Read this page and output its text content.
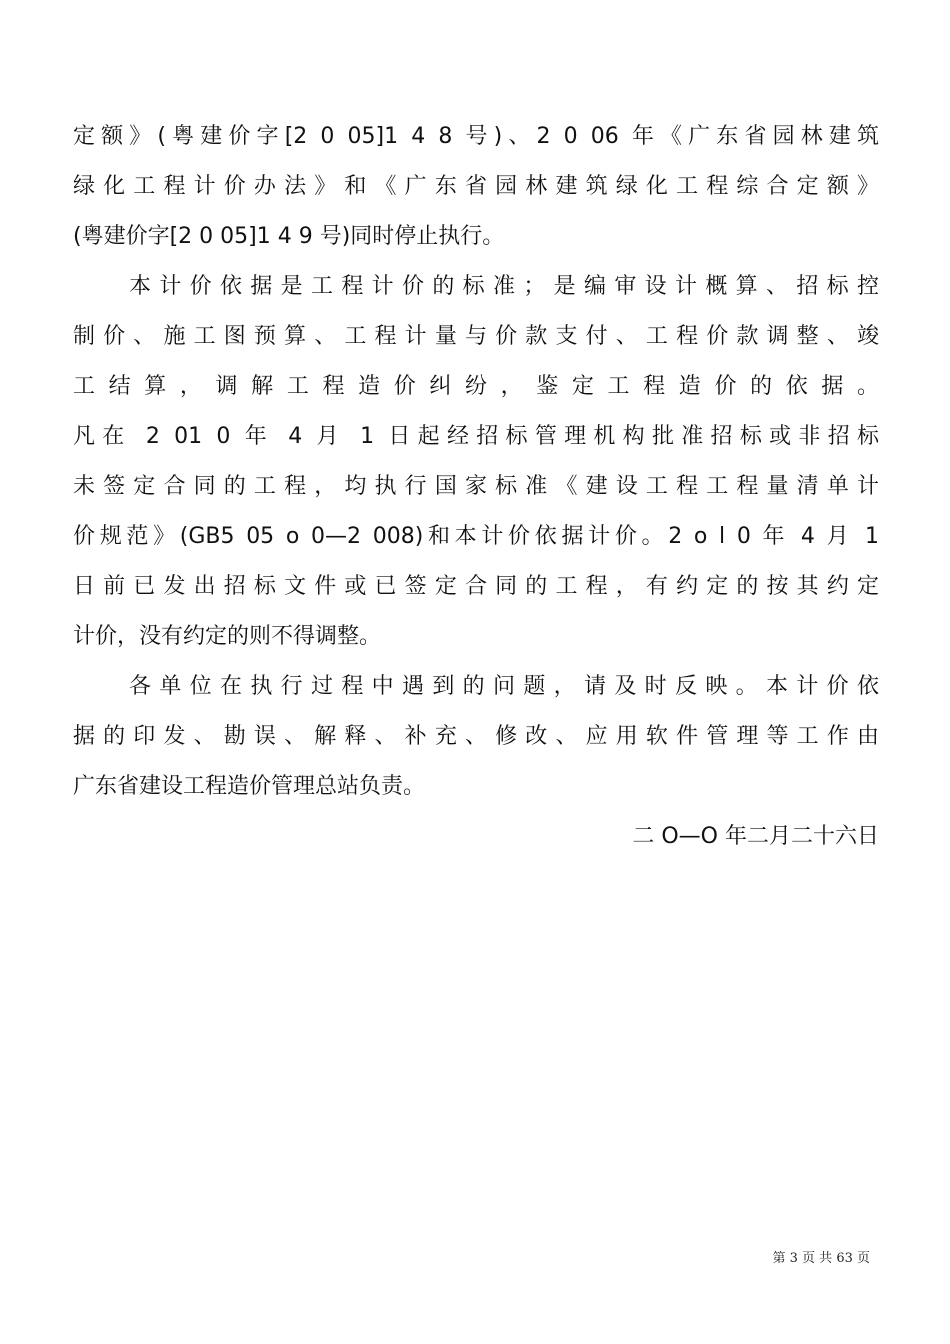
定额》(粤建价字[2 0 05]1 4 8 号)、2 0 06 年《广东省园林建筑
绿化工程计价办法》和《广东省园林建筑绿化工程综合定额》
(粤建价字[2 0 05]1 4 9 号)同时停止执行。
本计价依据是工程计价的标准；是编审设计概算、招标控
制价、施工图预算、工程计量与价款支付、工程价款调整、竣
工结算，调解工程造价纠纷，鉴定工程造价的依据。
凡在 2 01 0 年 4 月 1 日起经招标管理机构批准招标或非招标
未签定合同的工程，均执行国家标准《建设工程工程量清单计
价规范》(GB5 05 o 0—2 008)和本计价依据计价。2 o l 0 年 4 月 1
日前已发出招标文件或已签定合同的工程，有约定的按其约定
计价，没有约定的则不得调整。
各单位在执行过程中遇到的问题，请及时反映。本计价依
据的印发、勘误、解释、补充、修改、应用软件管理等工作由
广东省建设工程造价管理总站负责。
二 O—O 年二月二十六日
第 3 页 共 63 页
